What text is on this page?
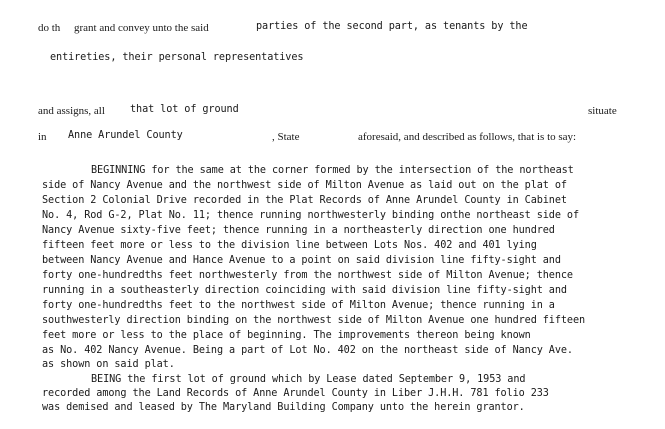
do th grant and convey unto the said	parties of the second part, as tenants by the
entireties, their personal representatives
and assigns, all that lot of ground	situate
in Anne Arundel County	, State	aforesaid, and described as follows, that is to say:
BEGINNING for the same at the corner formed by the intersection of the northeast
side of Nancy Avenue and the northwest side of Milton Avenue as laid out on the plat of
Section 2 Colonial Drive recorded in the Plat Records of Anne Arundel County in Cabinet
No. 4, Rod G-2, Plat No. 11; thence running northwesterly binding onthe northeast side of
Nancy Avenue sixty-five feet; thence running in a northeasterly direction one hundred
fifteen feet more or less to the division line between Lots Nos. 402 and 401 lying
between Nancy Avenue and Hance Avenue to a point on said division line fifty-sight and
forty one-hundredths feet northwesterly from the northwest side of Milton Avenue; thence
running in a southeasterly direction coinciding with said division line fifty-sight and
forty one-hundredths feet to the northwest side of Milton Avenue; thence running in a
southwesterly direction binding on the northwest side of Milton Avenue one hundred fifteen
feet more or less to the place of beginning. The improvements thereon being known
as No. 402 Nancy Avenue. Being a part of Lot No. 402 on the northeast side of Nancy Ave.
as shown on said plat.
BEING the first lot of ground which by Lease dated September 9, 1953 and
recorded among the Land Records of Anne Arundel County in Liber J.H.H. 781 folio 233
was demised and leased by The Maryland Building Company unto the herein grantor.
